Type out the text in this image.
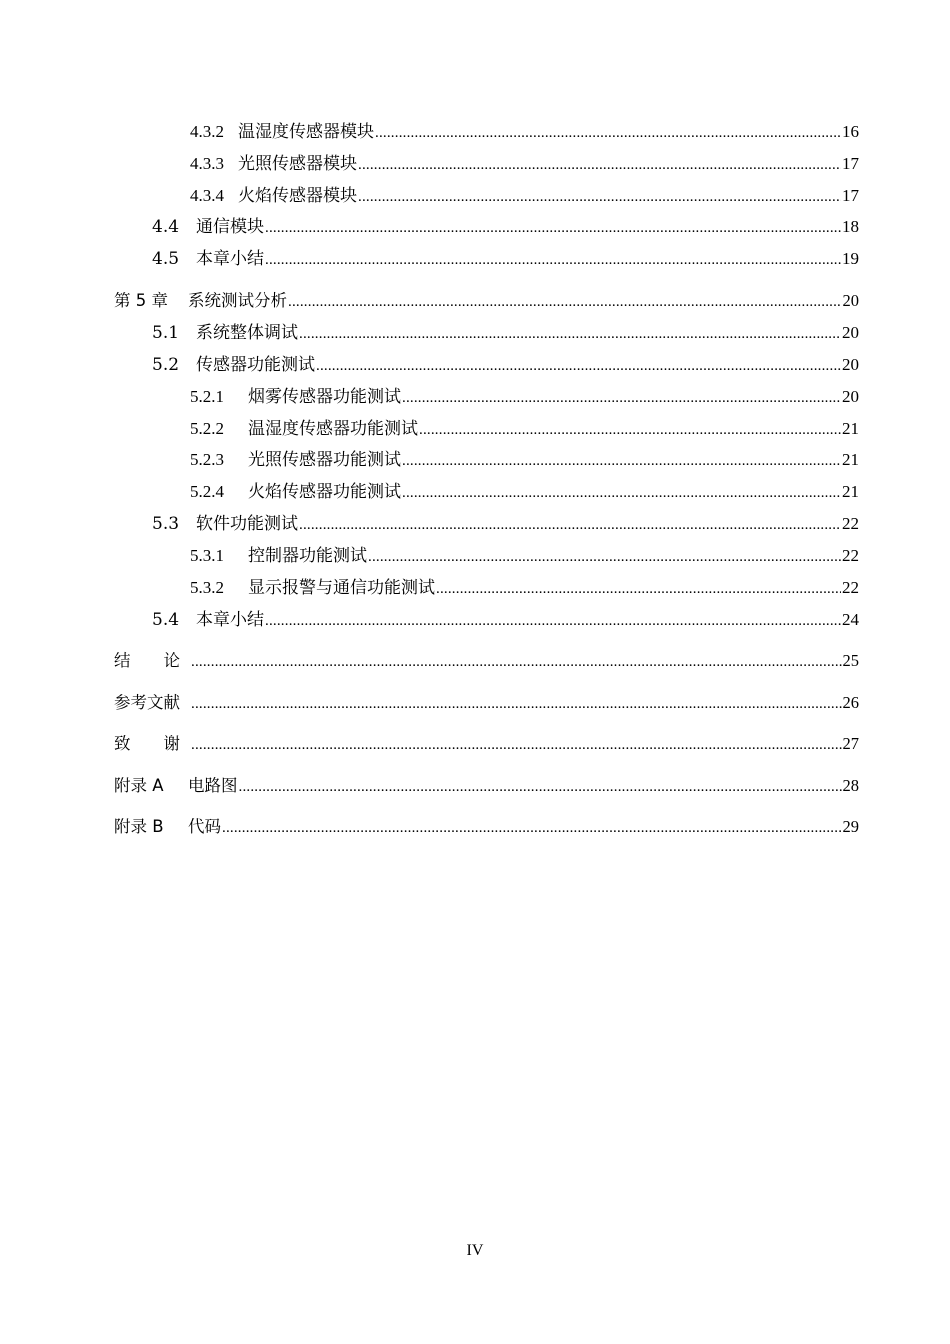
4.3.2 温湿度传感器模块 .....	16
4.3.3 光照传感器模块 .....	17
4.3.4 火焰传感器模块 .....	17
4.4 通信模块 .....	18
4.5 本章小结 .....	19
第 5 章	系统测试分析 .....	20
5.1 系统整体调试 .....	20
5.2 传感器功能测试 .....	20
5.2.1	烟雾传感器功能测试 .....	20
5.2.2	温湿度传感器功能测试 .....	21
5.2.3	光照传感器功能测试 .....	21
5.2.4	火焰传感器功能测试 .....	21
5.3 软件功能测试 .....	22
5.3.1	控制器功能测试 .....	22
5.3.2	显示报警与通信功能测试 .....	22
5.4 本章小结 .....	24
结　　论 .....	25
参考文献 .....	26
致　　谢 .....	27
附录 A	电路图 .....	28
附录 B	代码 .....	29
IV
